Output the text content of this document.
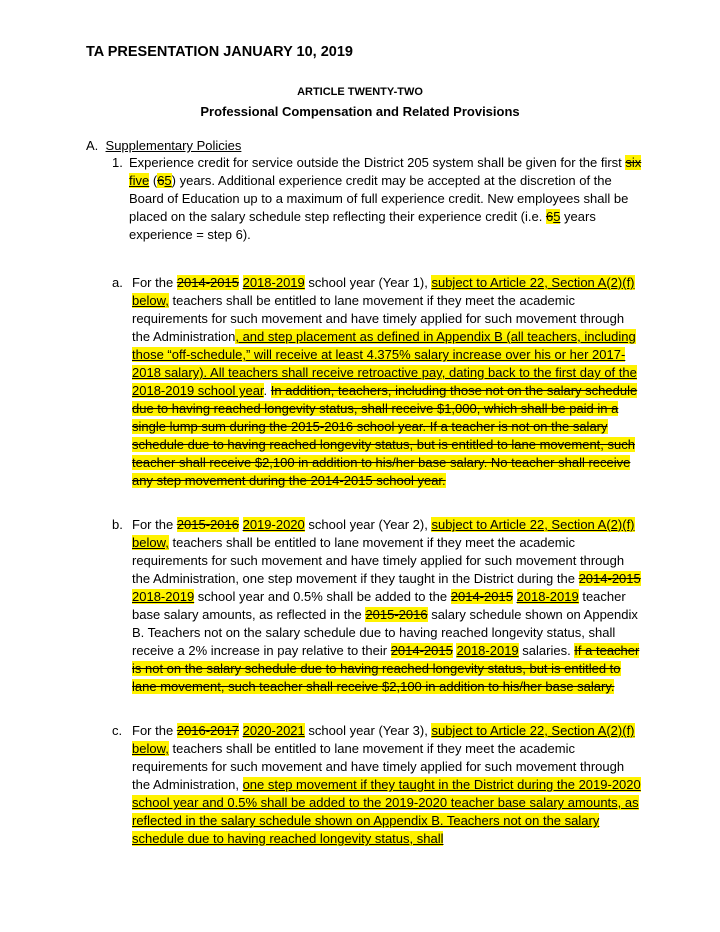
TA PRESENTATION JANUARY 10, 2019
ARTICLE TWENTY-TWO
Professional Compensation and Related Provisions
A. Supplementary Policies
1. Experience credit for service outside the District 205 system shall be given for the first six five (65) years. Additional experience credit may be accepted at the discretion of the Board of Education up to a maximum of full experience credit. New employees shall be placed on the salary schedule step reflecting their experience credit (i.e. 65 years experience = step 6).
a. For the 2014-2015 2018-2019 school year (Year 1), subject to Article 22, Section A(2)(f) below, teachers shall be entitled to lane movement if they meet the academic requirements for such movement and have timely applied for such movement through the Administration, and step placement as defined in Appendix B (all teachers, including those “off-schedule,” will receive at least 4.375% salary increase over his or her 2017-2018 salary). All teachers shall receive retroactive pay, dating back to the first day of the 2018-2019 school year. In addition, teachers, including those not on the salary schedule due to having reached longevity status, shall receive $1,000, which shall be paid in a single lump sum during the 2015-2016 school year. If a teacher is not on the salary schedule due to having reached longevity status, but is entitled to lane movement, such teacher shall receive $2,100 in addition to his/her base salary. No teacher shall receive any step movement during the 2014-2015 school year.
b. For the 2015-2016 2019-2020 school year (Year 2), subject to Article 22, Section A(2)(f) below, teachers shall be entitled to lane movement if they meet the academic requirements for such movement and have timely applied for such movement through the Administration, one step movement if they taught in the District during the 2014-2015 2018-2019 school year and 0.5% shall be added to the 2014-2015 2018-2019 teacher base salary amounts, as reflected in the 2015-2016 salary schedule shown on Appendix B. Teachers not on the salary schedule due to having reached longevity status, shall receive a 2% increase in pay relative to their 2014-2015 2018-2019 salaries. If a teacher is not on the salary schedule due to having reached longevity status, but is entitled to lane movement, such teacher shall receive $2,100 in addition to his/her base salary.
c. For the 2016-2017 2020-2021 school year (Year 3), subject to Article 22, Section A(2)(f) below, teachers shall be entitled to lane movement if they meet the academic requirements for such movement and have timely applied for such movement through the Administration, one step movement if they taught in the District during the 2019-2020 school year and 0.5% shall be added to the 2019-2020 teacher base salary amounts, as reflected in the salary schedule shown on Appendix B. Teachers not on the salary schedule due to having reached longevity status, shall
